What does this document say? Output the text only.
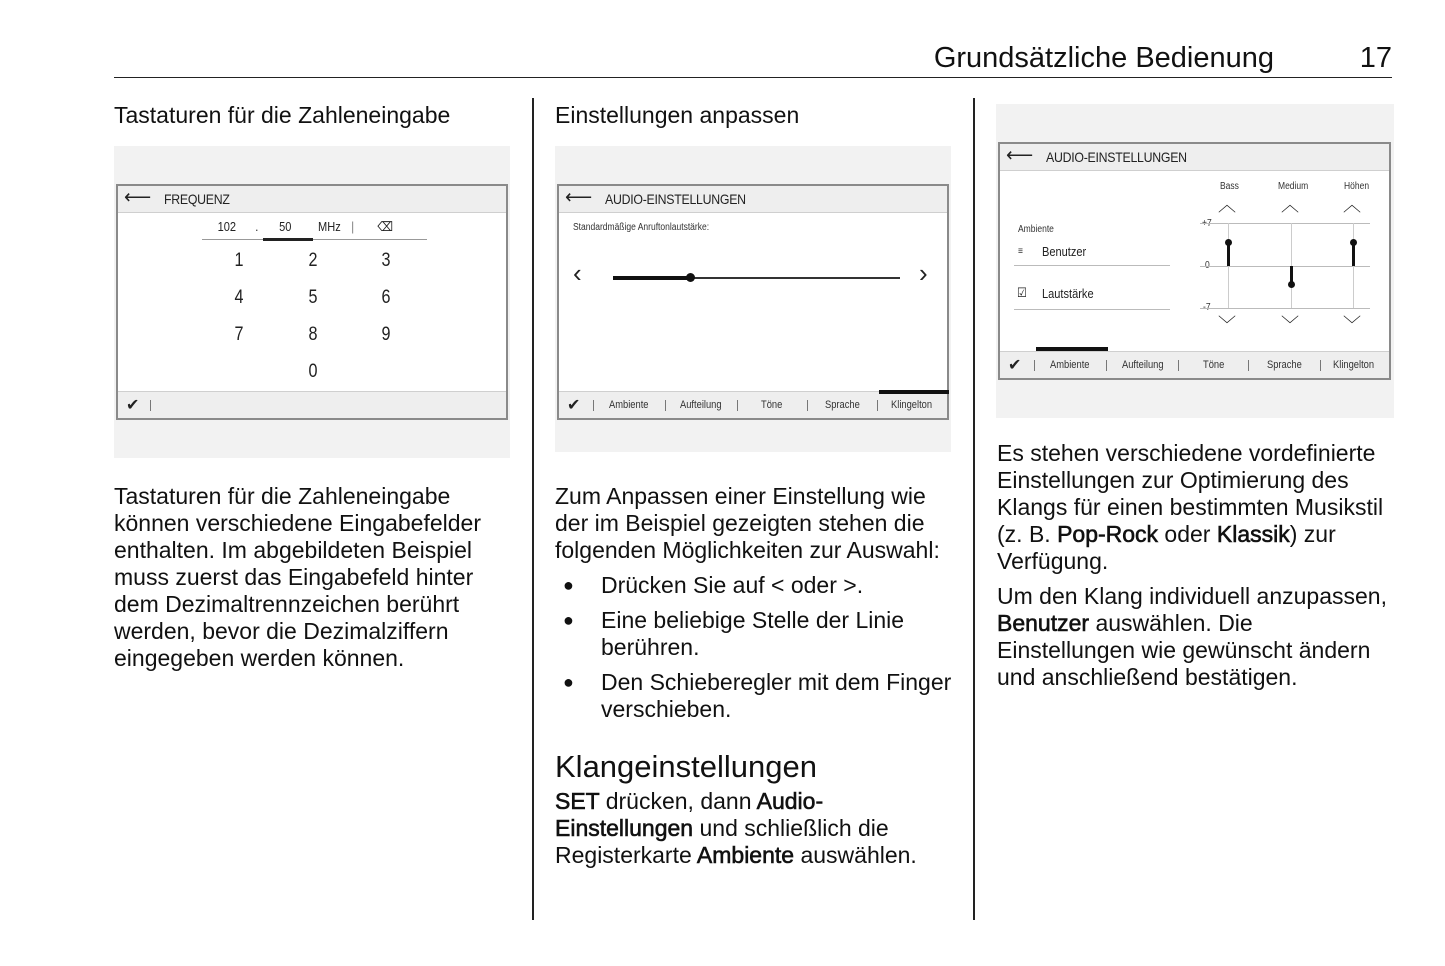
Grundsätzliche Bedienung	17
Tastaturen für die Zahleneingabe
⟵ FREQUENZ
102 . 50 MHz | ⌫
1	2	3
4	5	6
7	8	9
0
✔
Tastaturen für die Zahleneingabe können verschiedene Eingabefelder enthalten. Im abgebildeten Beispiel muss zuerst das Eingabefeld hinter dem Dezimaltrennzeichen berührt werden, bevor die Dezimalziffern eingegeben werden können.
Einstellungen anpassen
⟵ AUDIO-EINSTELLUNGEN
Standardmäßige Anruftonlautstärke:
‹	›
✔	Ambiente	Aufteilung	Töne	Sprache	Klingelton
Zum Anpassen einer Einstellung wie der im Beispiel gezeigten stehen die folgenden Möglichkeiten zur Auswahl:
● Drücken Sie auf < oder >.
● Eine beliebige Stelle der Linie berühren.
● Den Schieberegler mit dem Finger verschieben.
Klangeinstellungen
SET drücken, dann Audio-Einstellungen und schließlich die Registerkarte Ambiente auswählen.
⟵ AUDIO-EINSTELLUNGEN
Bass	Medium	Höhen
︿	︿ ︿
﹀	﹀ ﹀
Ambiente
≡ Benutzer
☑ Lautstärke
✔	Ambiente	Aufteilung	Töne	Sprache	Klingelton
Es stehen verschiedene vordefinierte Einstellungen zur Optimierung des Klangs für einen bestimmten Musikstil (z. B. Pop-Rock oder Klassik) zur Verfügung.
Um den Klang individuell anzupassen, Benutzer auswählen. Die Einstellungen wie gewünscht ändern und anschließend bestätigen.
